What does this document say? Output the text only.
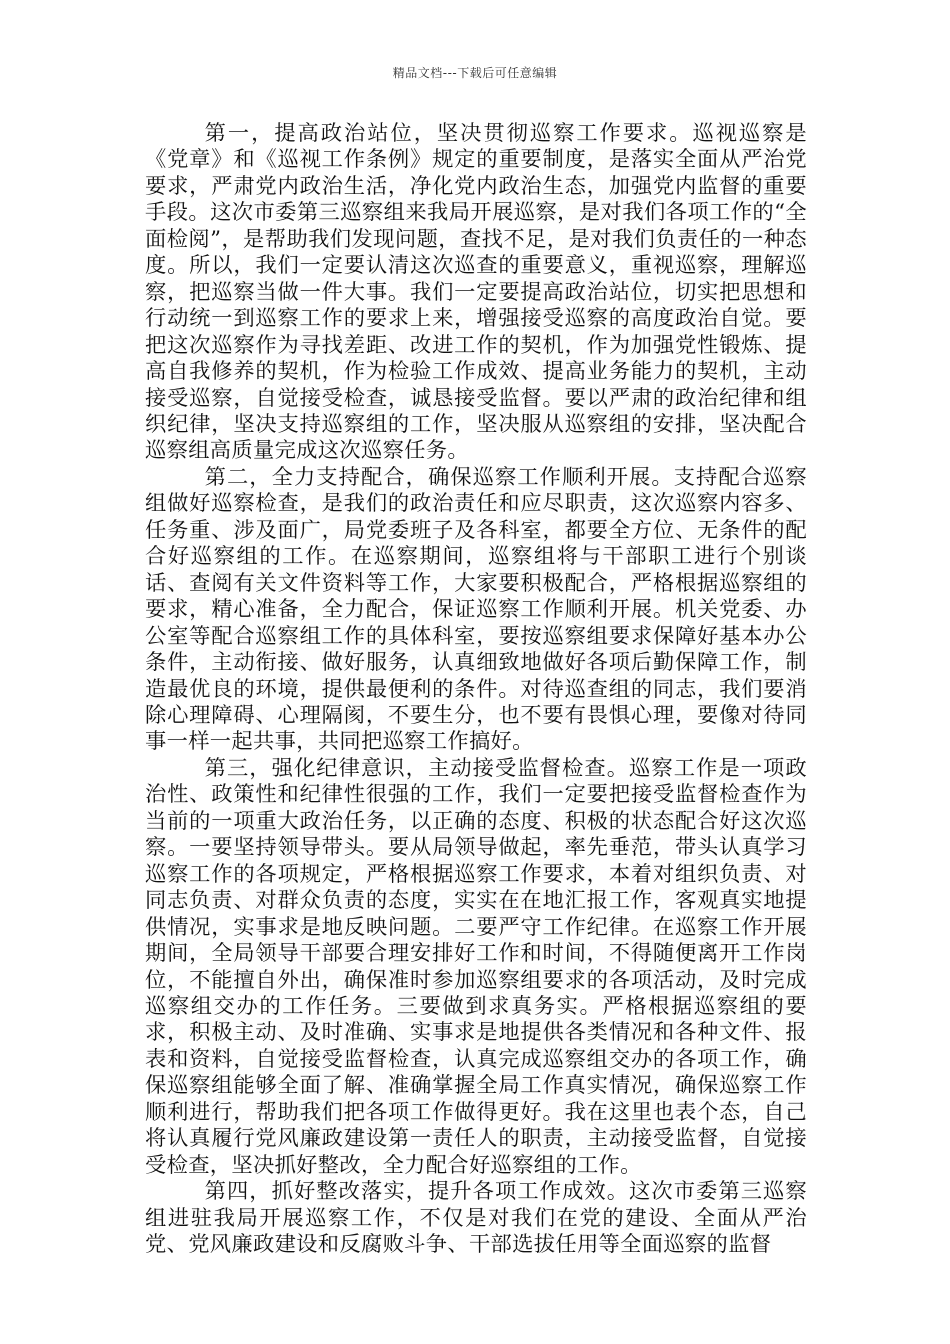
精品文档---下载后可任意编辑

第一，提高政治站位，坚决贯彻巡察工作要求。巡视巡察是《党章》和《巡视工作条例》规定的重要制度，是落实全面从严治党要求，严肃党内政治生活，净化党内政治生态，加强党内监督的重要手段。这次市委第三巡察组来我局开展巡察，是对我们各项工作的“全面检阅”，是帮助我们发现问题，查找不足，是对我们负责任的一种态度。所以，我们一定要认清这次巡查的重要意义，重视巡察，理解巡察，把巡察当做一件大事。我们一定要提高政治站位，切实把思想和行动统一到巡察工作的要求上来，增强接受巡察的高度政治自觉。要把这次巡察作为寻找差距、改进工作的契机，作为加强党性锻炼、提高自我修养的契机，作为检验工作成效、提高业务能力的契机，主动接受巡察，自觉接受检查，诚恳接受监督。要以严肃的政治纪律和组织纪律，坚决支持巡察组的工作，坚决服从巡察组的安排，坚决配合巡察组高质量完成这次巡察任务。

第二，全力支持配合，确保巡察工作顺利开展。支持配合巡察组做好巡察检查，是我们的政治责任和应尽职责，这次巡察内容多、任务重、涉及面广，局党委班子及各科室，都要全方位、无条件的配合好巡察组的工作。在巡察期间，巡察组将与干部职工进行个别谈话、查阅有关文件资料等工作，大家要积极配合，严格根据巡察组的要求，精心准备，全力配合，保证巡察工作顺利开展。机关党委、办公室等配合巡察组工作的具体科室，要按巡察组要求保障好基本办公条件，主动衔接、做好服务，认真细致地做好各项后勤保障工作，制造最优良的环境，提供最便利的条件。对待巡查组的同志，我们要消除心理障碍、心理隔阂，不要生分，也不要有畏惧心理，要像对待同事一样一起共事，共同把巡察工作搞好。

第三，强化纪律意识，主动接受监督检查。巡察工作是一项政治性、政策性和纪律性很强的工作，我们一定要把接受监督检查作为当前的一项重大政治任务，以正确的态度、积极的状态配合好这次巡察。一要坚持领导带头。要从局领导做起，率先垂范，带头认真学习巡察工作的各项规定，严格根据巡察工作要求，本着对组织负责、对同志负责、对群众负责的态度，实实在在地汇报工作，客观真实地提供情况，实事求是地反映问题。二要严守工作纪律。在巡察工作开展期间，全局领导干部要合理安排好工作和时间，不得随便离开工作岗位，不能擅自外出，确保准时参加巡察组要求的各项活动，及时完成巡察组交办的工作任务。三要做到求真务实。严格根据巡察组的要求，积极主动、及时准确、实事求是地提供各类情况和各种文件、报表和资料，自觉接受监督检查，认真完成巡察组交办的各项工作，确保巡察组能够全面了解、准确掌握全局工作真实情况，确保巡察工作顺利进行，帮助我们把各项工作做得更好。我在这里也表个态，自己将认真履行党风廉政建设第一责任人的职责，主动接受监督，自觉接受检查，坚决抓好整改，全力配合好巡察组的工作。

第四，抓好整改落实，提升各项工作成效。这次市委第三巡察组进驻我局开展巡察工作，不仅是对我们在党的建设、全面从严治党、党风廉政建设和反腐败斗争、干部选拔任用等全面巡察的监督
